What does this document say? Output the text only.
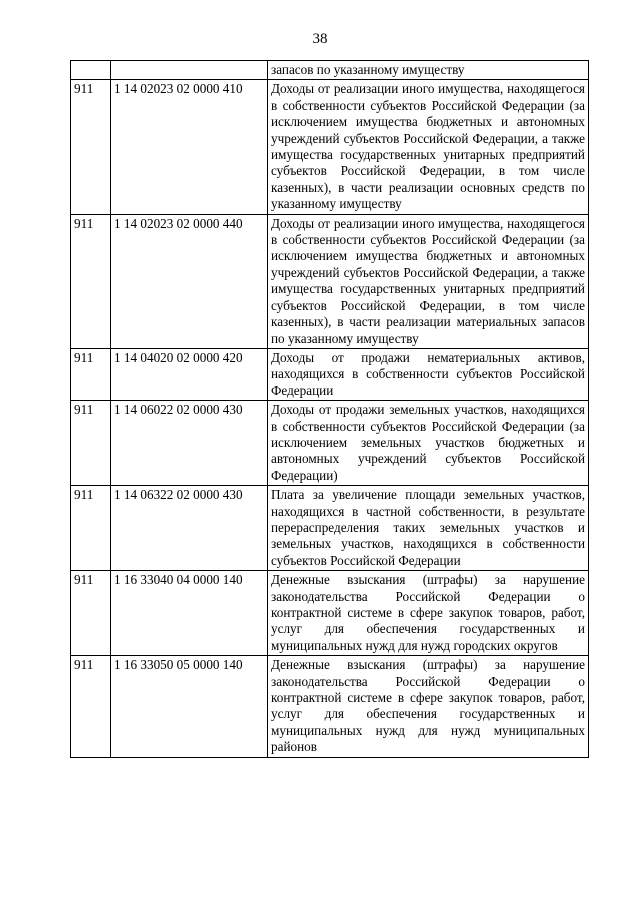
38
		запасов по указанному имуществу
911	1 14 02023 02 0000 410	Доходы от реализации иного имущества, находящегося в собственности субъектов Российской Федерации (за исключением имущества бюджетных и автономных учреждений субъектов Российской Федерации, а также имущества государственных унитарных предприятий субъектов Российской Федерации, в том числе казенных), в части реализации основных средств по указанному имуществу
911	1 14 02023 02 0000 440	Доходы от реализации иного имущества, находящегося в собственности субъектов Российской Федерации (за исключением имущества бюджетных и автономных учреждений субъектов Российской Федерации, а также имущества государственных унитарных предприятий субъектов Российской Федерации, в том числе казенных), в части реализации материальных запасов по указанному имуществу
911	1 14 04020 02 0000 420	Доходы от продажи нематериальных активов, находящихся в собственности субъектов Российской Федерации
911	1 14 06022 02 0000 430	Доходы от продажи земельных участков, находящихся в собственности субъектов Российской Федерации (за исключением земельных участков бюджетных и автономных учреждений субъектов Российской Федерации)
911	1 14 06322 02 0000 430	Плата за увеличение площади земельных участков, находящихся в частной собственности, в результате перераспределения таких земельных участков и земельных участков, находящихся в собственности субъектов Российской Федерации
911	1 16 33040 04 0000 140	Денежные взыскания (штрафы) за нарушение законодательства Российской Федерации о контрактной системе в сфере закупок товаров, работ, услуг для обеспечения государственных и муниципальных нужд для нужд городских округов
911	1 16 33050 05 0000 140	Денежные взыскания (штрафы) за нарушение законодательства Российской Федерации о контрактной системе в сфере закупок товаров, работ, услуг для обеспечения государственных и муниципальных нужд для нужд муниципальных районов
